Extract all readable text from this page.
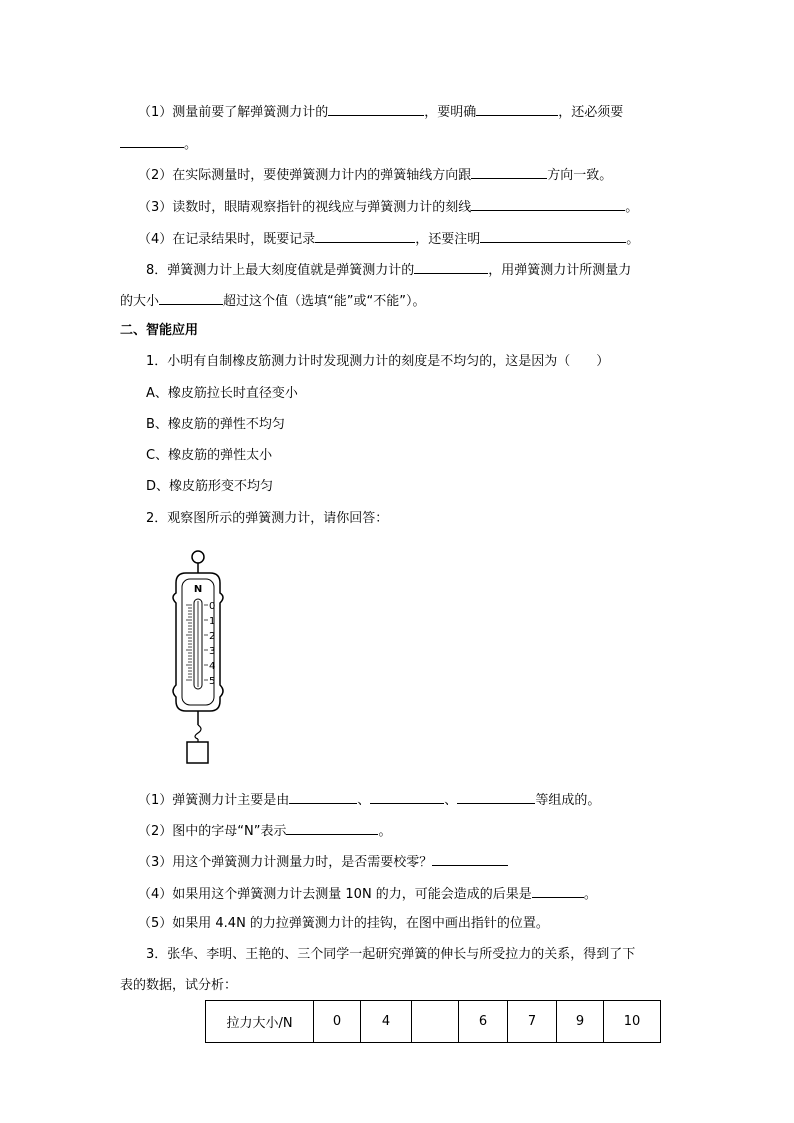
（1）测量前要了解弹簧测力计的	，要明确	，还必须要
。
（2）在实际测量时，要使弹簧测力计内的弹簧轴线方向跟	方向一致。
（3）读数时，眼睛观察指针的视线应与弹簧测力计的刻线	。
（4）在记录结果时，既要记录	，还要注明	。
8．弹簧测力计上最大刻度值就是弹簧测力计的	，用弹簧测力计所测量力
的大小	超过这个值（选填“能”或“不能”）。
二、智能应用
1．小明有自制橡皮筋测力计时发现测力计的刻度是不均匀的，这是因为（　　）
A、橡皮筋拉长时直径变小
B、橡皮筋的弹性不均匀
C、橡皮筋的弹性太小
D、橡皮筋形变不均匀
2．观察图所示的弹簧测力计，请你回答：
N
0
1
2
3
4
5
（1）弹簧测力计主要是由	、	、	等组成的。
（2）图中的字母“N”表示	。
（3）用这个弹簧测力计测量力时，是否需要校零？
（4）如果用这个弹簧测力计去测量 10N 的力，可能会造成的后果是	。
（5）如果用 4.4N 的力拉弹簧测力计的挂钩，在图中画出指针的位置。
3．张华、李明、王艳的、三个同学一起研究弹簧的伸长与所受拉力的关系，得到了下
表的数据，试分析：
拉力大小/N	0	4		6	7	9	10
